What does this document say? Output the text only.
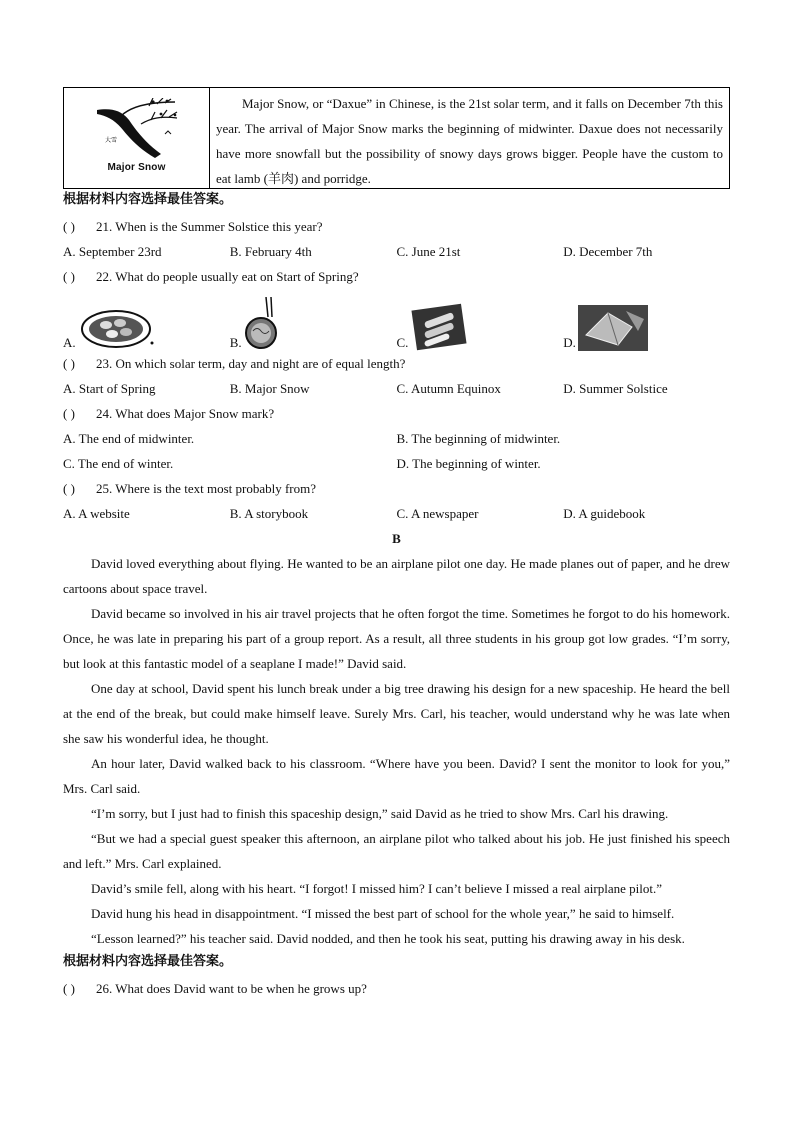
大雪
Major Snow
Major Snow, or “Daxue” in Chinese, is the 21st solar term, and it falls on December 7th this year. The arrival of Major Snow marks the beginning of midwinter. Daxue does not necessarily have more snowfall but the possibility of snowy days grows bigger. People have the custom to eat lamb (羊肉) and porridge.
根据材料内容选择最佳答案。
( )	21. When is the Summer Solstice this year?
A. September 23rd	B. February 4th	C. June 21st	D. December 7th
( )	22. What do people usually eat on Start of Spring?
A.	B.	C.	D.
( )	23. On which solar term, day and night are of equal length?
A. Start of Spring	B. Major Snow	C. Autumn Equinox	D. Summer Solstice
( )	24. What does Major Snow mark?
A. The end of midwinter.	B. The beginning of midwinter.
C. The end of winter.	D. The beginning of winter.
( )	25. Where is the text most probably from?
A. A website	B. A storybook	C. A newspaper	D. A guidebook
B
David loved everything about flying. He wanted to be an airplane pilot one day. He made planes out of paper, and he drew cartoons about space travel.
David became so involved in his air travel projects that he often forgot the time. Sometimes he forgot to do his homework. Once, he was late in preparing his part of a group report. As a result, all three students in his group got low grades. “I’m sorry, but look at this fantastic model of a seaplane I made!” David said.
One day at school, David spent his lunch break under a big tree drawing his design for a new spaceship. He heard the bell at the end of the break, but could make himself leave. Surely Mrs. Carl, his teacher, would understand why he was late when she saw his wonderful idea, he thought.
An hour later, David walked back to his classroom. “Where have you been. David? I sent the monitor to look for you,” Mrs. Carl said.
“I’m sorry, but I just had to finish this spaceship design,” said David as he tried to show Mrs. Carl his drawing.
“But we had a special guest speaker this afternoon, an airplane pilot who talked about his job. He just finished his speech and left.” Mrs. Carl explained.
David’s smile fell, along with his heart. “I forgot! I missed him? I can’t believe I missed a real airplane pilot.”
David hung his head in disappointment. “I missed the best part of school for the whole year,” he said to himself.
“Lesson learned?” his teacher said. David nodded, and then he took his seat, putting his drawing away in his desk.
根据材料内容选择最佳答案。
( )	26. What does David want to be when he grows up?
